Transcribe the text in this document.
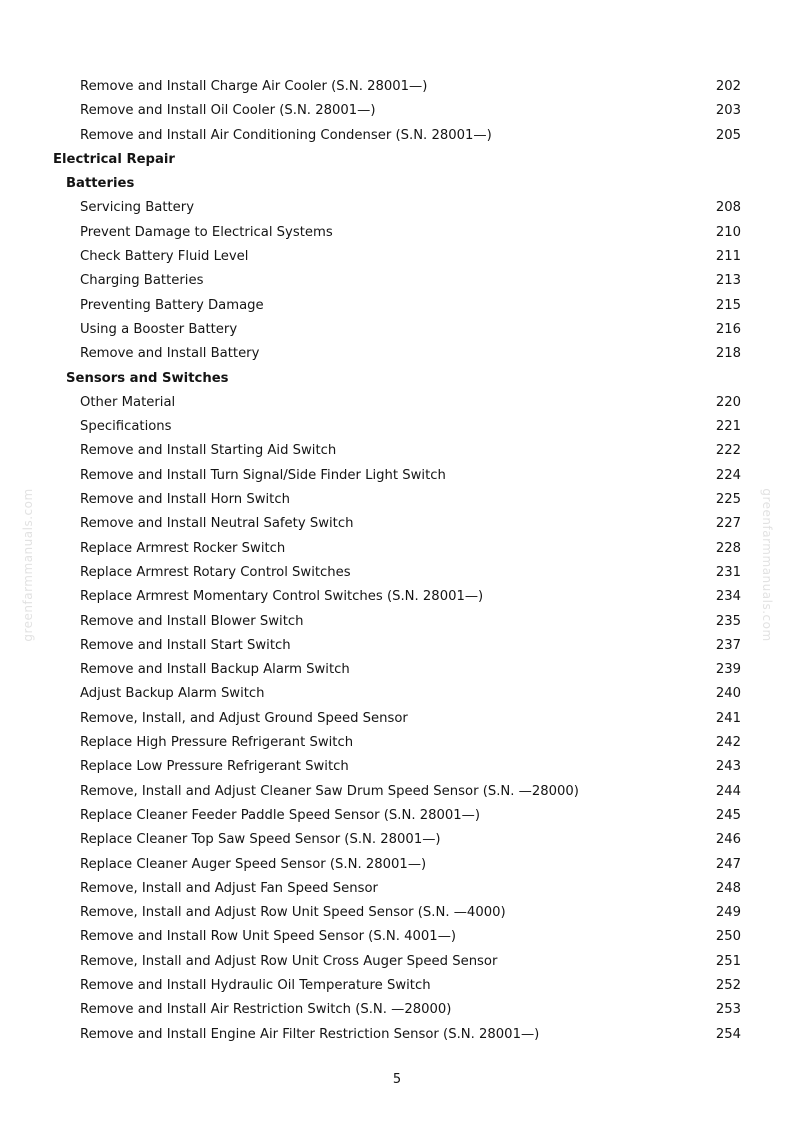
Remove and Install Charge Air Cooler (S.N. 28001—)	202
Remove and Install Oil Cooler (S.N. 28001—)	203
Remove and Install Air Conditioning Condenser (S.N. 28001—)	205
Electrical Repair
Batteries
Servicing Battery	208
Prevent Damage to Electrical Systems	210
Check Battery Fluid Level	211
Charging Batteries	213
Preventing Battery Damage	215
Using a Booster Battery	216
Remove and Install Battery	218
Sensors and Switches
Other Material	220
Specifications	221
Remove and Install Starting Aid Switch	222
Remove and Install Turn Signal/Side Finder Light Switch	224
Remove and Install Horn Switch	225
Remove and Install Neutral Safety Switch	227
Replace Armrest Rocker Switch	228
Replace Armrest Rotary Control Switches	231
Replace Armrest Momentary Control Switches (S.N. 28001—)	234
Remove and Install Blower Switch	235
Remove and Install Start Switch	237
Remove and Install Backup Alarm Switch	239
Adjust Backup Alarm Switch	240
Remove, Install, and Adjust Ground Speed Sensor	241
Replace High Pressure Refrigerant Switch	242
Replace Low Pressure Refrigerant Switch	243
Remove, Install and Adjust Cleaner Saw Drum Speed Sensor (S.N. —28000)	244
Replace Cleaner Feeder Paddle Speed Sensor (S.N. 28001—)	245
Replace Cleaner Top Saw Speed Sensor (S.N. 28001—)	246
Replace Cleaner Auger Speed Sensor (S.N. 28001—)	247
Remove, Install and Adjust Fan Speed Sensor	248
Remove, Install and Adjust Row Unit Speed Sensor (S.N. —4000)	249
Remove and Install Row Unit Speed Sensor (S.N. 4001—)	250
Remove, Install and Adjust Row Unit Cross Auger Speed Sensor	251
Remove and Install Hydraulic Oil Temperature Switch	252
Remove and Install Air Restriction Switch (S.N. —28000)	253
Remove and Install Engine Air Filter Restriction Sensor (S.N. 28001—)	254
greenfarmmanuals.com	greenfarmmanuals.com
5
